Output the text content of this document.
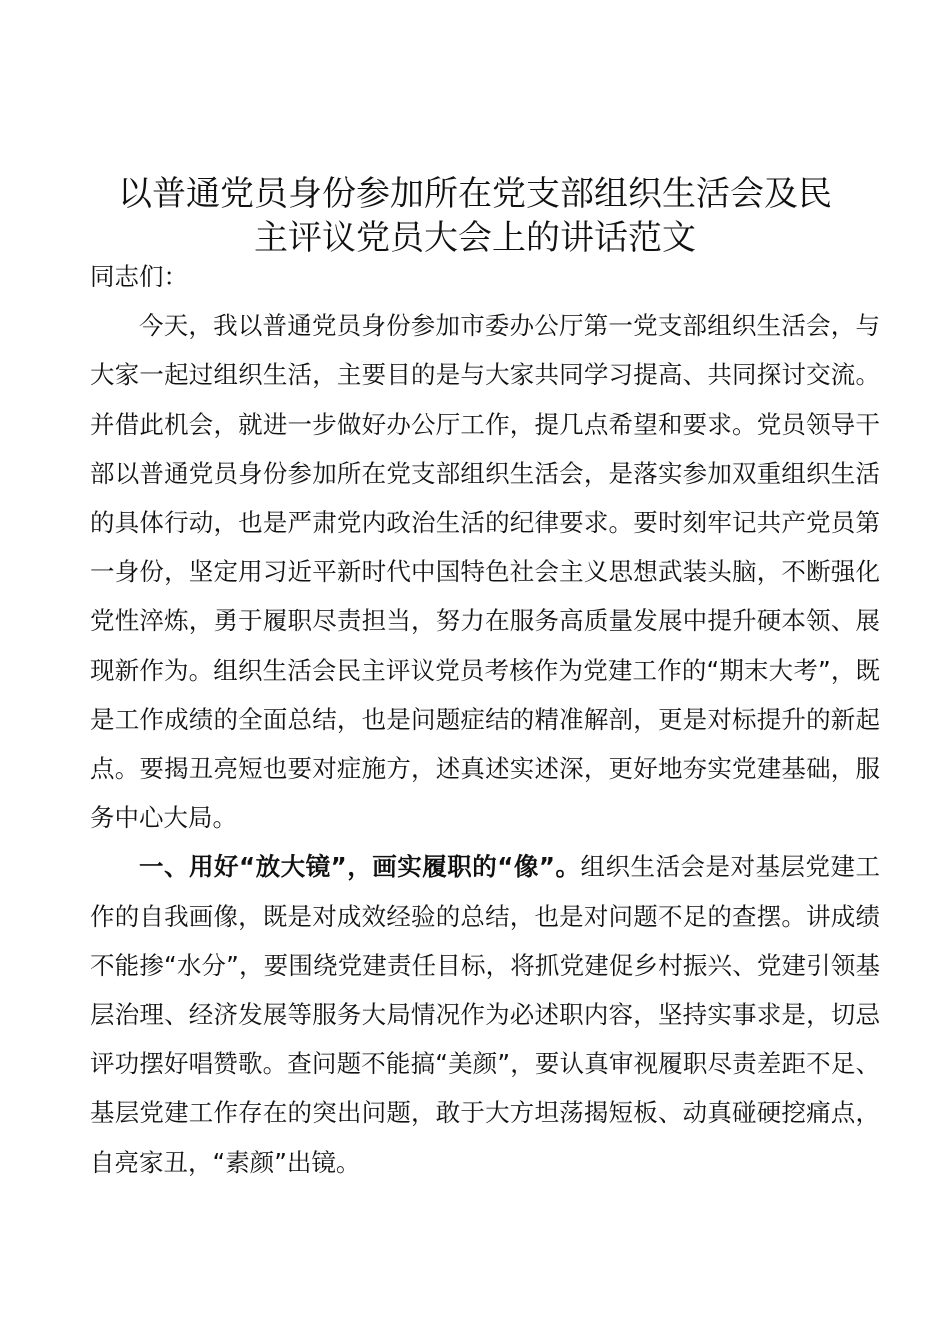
以普通党员身份参加所在党支部组织生活会及民
主评议党员大会上的讲话范文

同志们：

今天，我以普通党员身份参加市委办公厅第一党支部组织生活会，与大家一起过组织生活，主要目的是与大家共同学习提高、共同探讨交流。并借此机会，就进一步做好办公厅工作，提几点希望和要求。党员领导干部以普通党员身份参加所在党支部组织生活会，是落实参加双重组织生活的具体行动，也是严肃党内政治生活的纪律要求。要时刻牢记共产党员第一身份，坚定用习近平新时代中国特色社会主义思想武装头脑，不断强化党性淬炼，勇于履职尽责担当，努力在服务高质量发展中提升硬本领、展现新作为。组织生活会民主评议党员考核作为党建工作的“期末大考”，既是工作成绩的全面总结，也是问题症结的精准解剖，更是对标提升的新起点。要揭丑亮短也要对症施方，述真述实述深，更好地夯实党建基础，服务中心大局。

一、用好“放大镜”，画实履职的“像”。组织生活会是对基层党建工作的自我画像，既是对成效经验的总结，也是对问题不足的查摆。讲成绩不能掺“水分”，要围绕党建责任目标，将抓党建促乡村振兴、党建引领基层治理、经济发展等服务大局情况作为必述职内容，坚持实事求是，切忌评功摆好唱赞歌。查问题不能搞“美颜”，要认真审视履职尽责差距不足、基层党建工作存在的突出问题，敢于大方坦荡揭短板、动真碰硬挖痛点，自亮家丑，“素颜”出镜。
